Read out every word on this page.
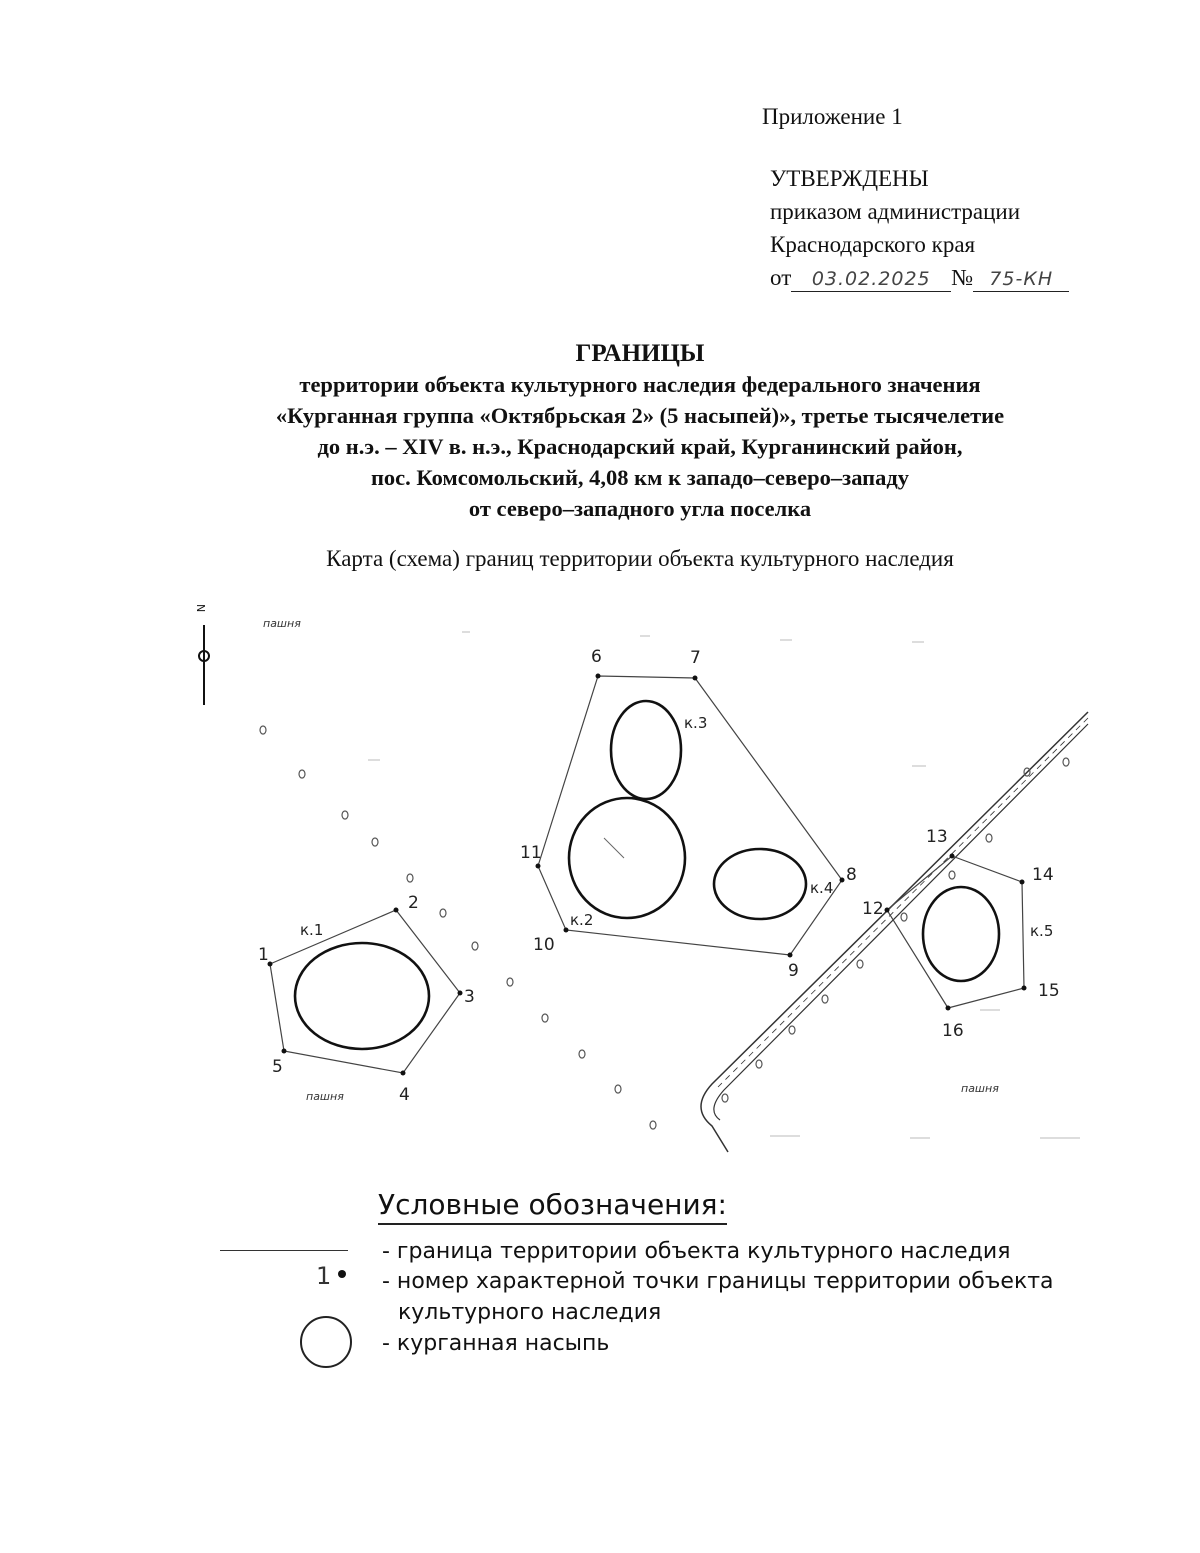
Приложение 1
УТВЕРЖДЕНЫ
приказом администрации
Краснодарского края
от 03.02.2025 № 75-КН
ГРАНИЦЫ
территории объекта культурного наследия федерального значения
«Курганная группа «Октябрьская 2» (5 насыпей)», третье тысячелетие
до н.э. – XIV в. н.э., Краснодарский край, Курганинский район,
пос. Комсомольский, 4,08 км к западо–северо–западу
от северо–западного угла поселка
Карта (схема) границ территории объекта культурного наследия
N
1
2
3
4
5
6	7
8
9
10
11
12
13
14
15
16
к.1
к.2
к.3
к.4
к.5
пашня
пашня
пашня
Условные обозначения:
- граница территории объекта культурного наследия
1 - номер характерной точки границы территории объекта
культурного наследия
- курганная насыпь
